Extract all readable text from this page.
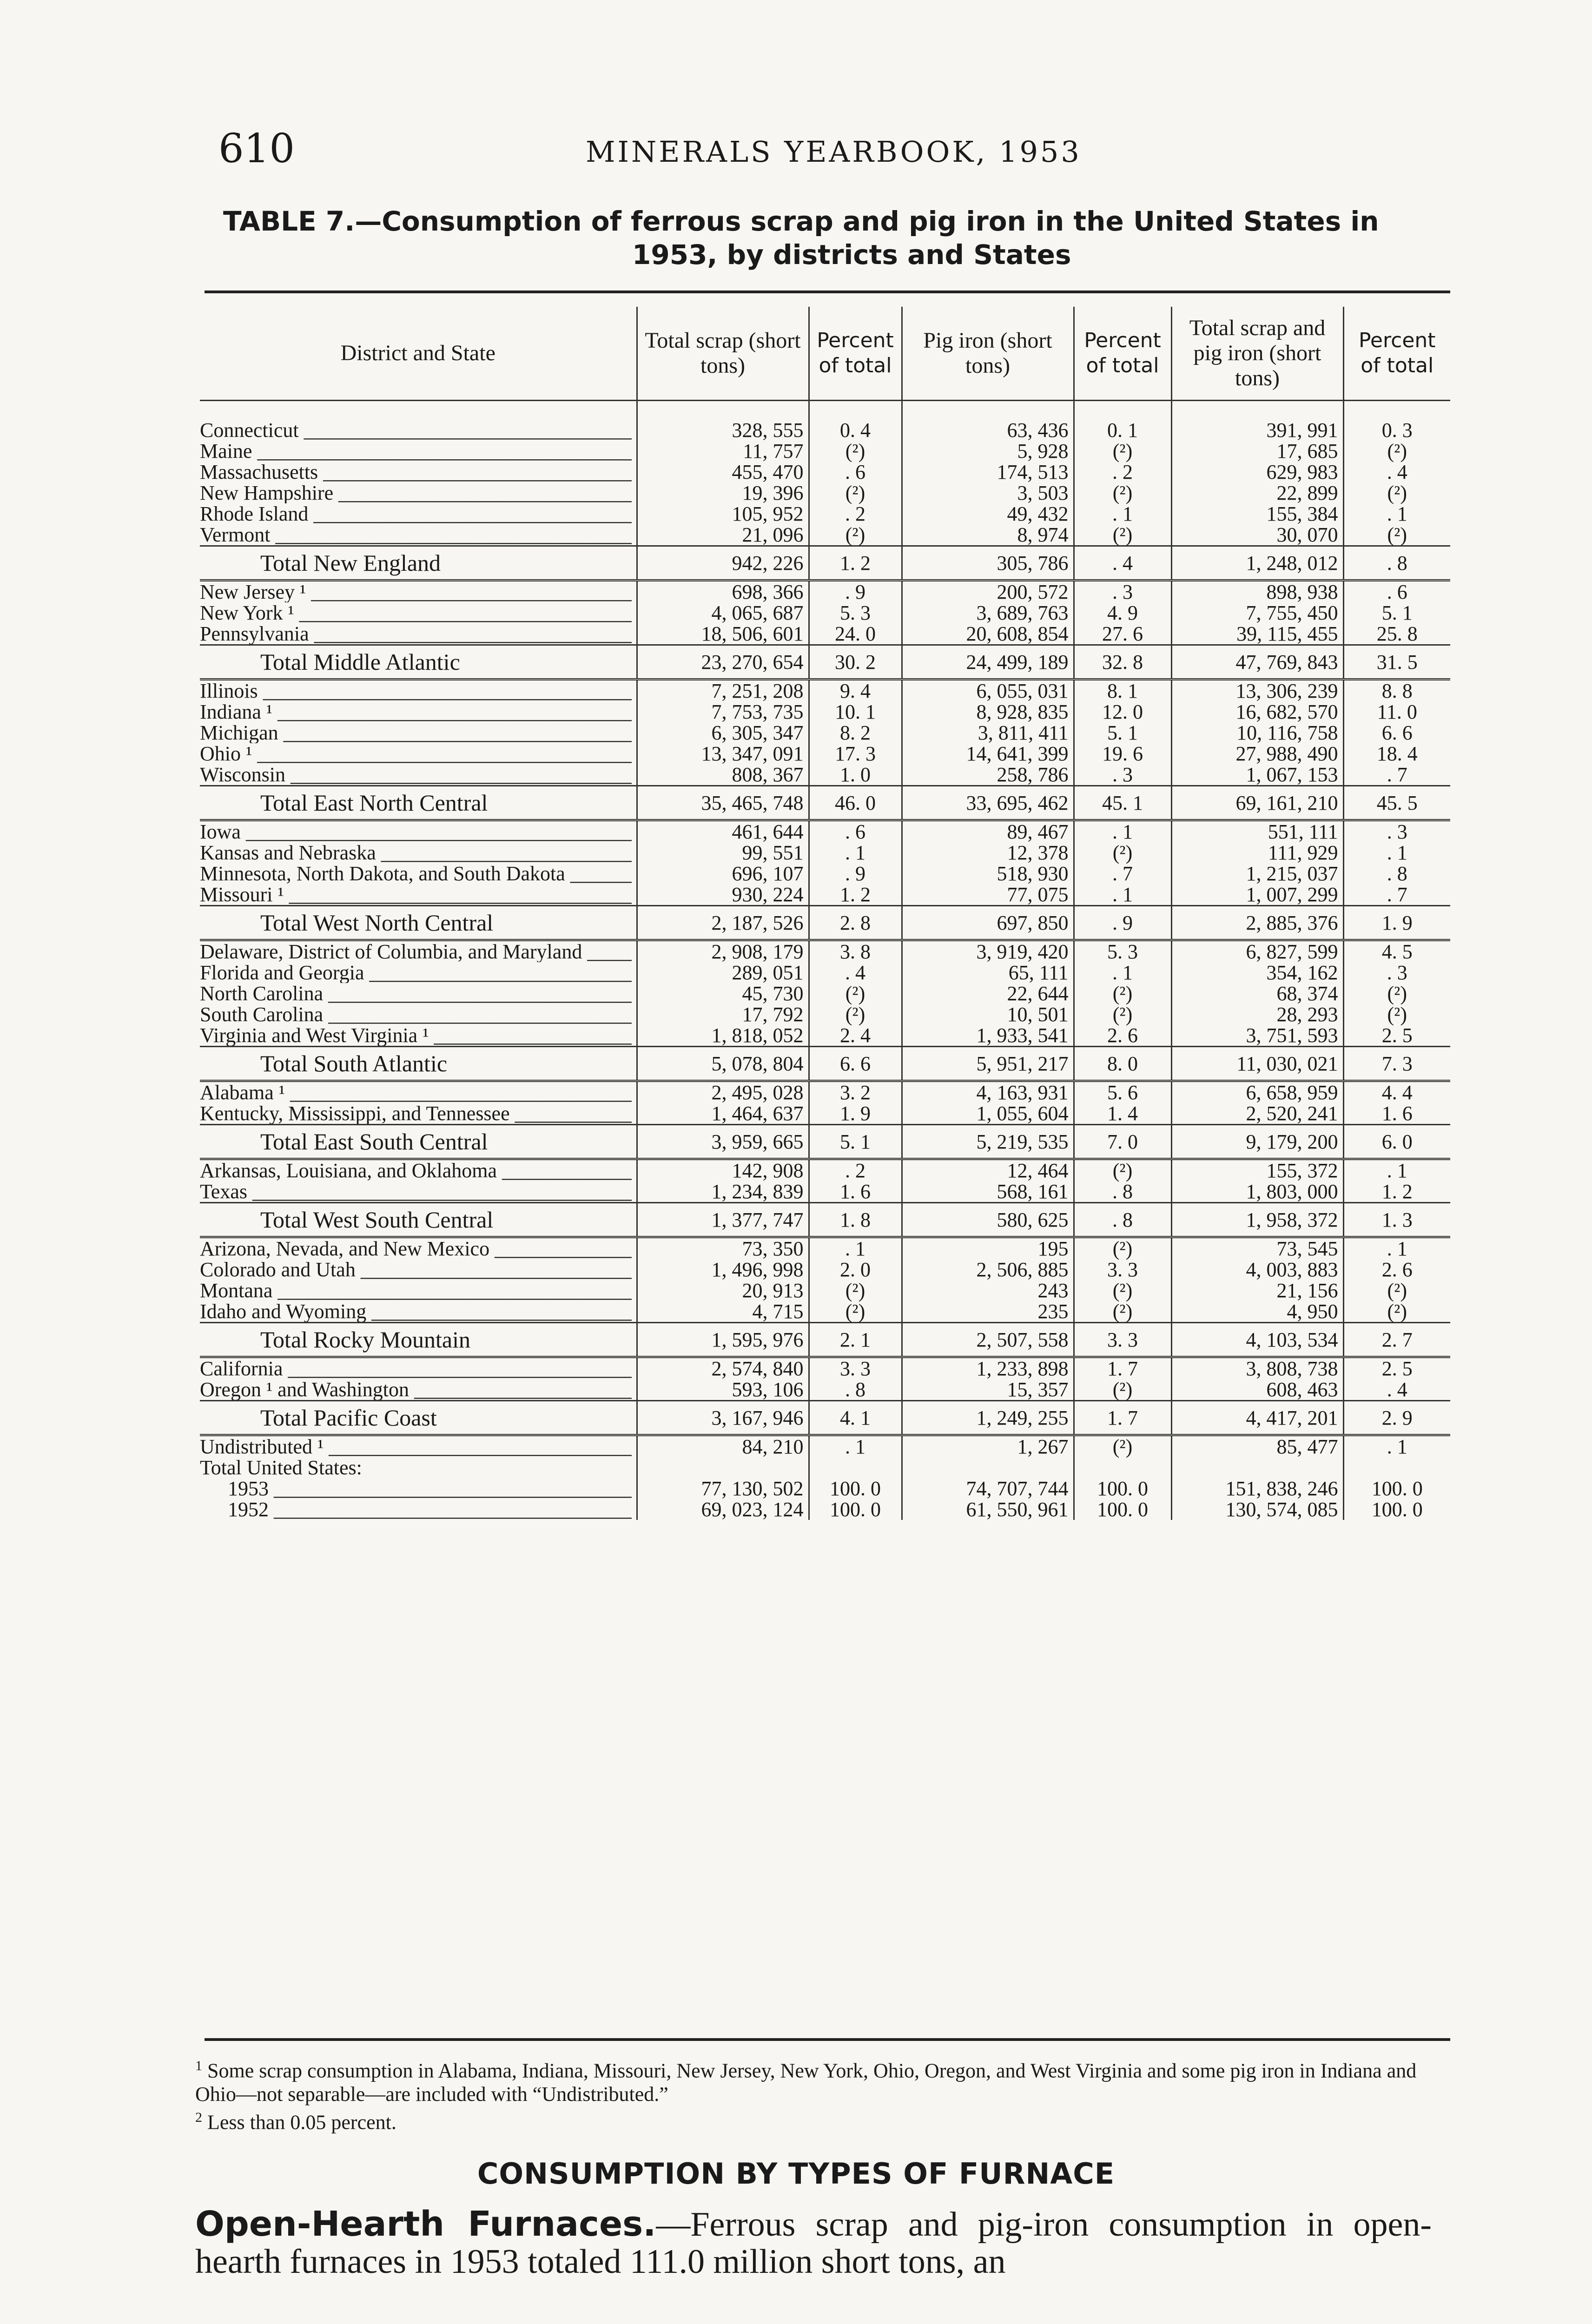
610	MINERALS YEARBOOK, 1953
TABLE 7.—Consumption of ferrous scrap and pig iron in the United States in
1953, by districts and States
District and State	Total scrap (short tons)	Percent of total	Pig iron (short tons)	Percent of total	Total scrap and pig iron (short tons)	Percent of total

Connecticut _____	328, 555	0. 4	63, 436	0. 1	391, 991	0. 3

Maine _____	11, 757	(²)	5, 928	(²)	17, 685	(²)

Massachusetts _____	455, 470	. 6	174, 513	. 2	629, 983	. 4

New Hampshire _____	19, 396	(²)	3, 503	(²)	22, 899	(²)

Rhode Island _____	105, 952	. 2	49, 432	. 1	155, 384	. 1

Vermont _____	21, 096	(²)	8, 974	(²)	30, 070	(²)
Total New England	942, 226	1. 2	305, 786	. 4	1, 248, 012	. 8

New Jersey ¹ _____	698, 366	. 9	200, 572	. 3	898, 938	. 6

New York ¹ _____	4, 065, 687	5. 3	3, 689, 763	4. 9	7, 755, 450	5. 1

Pennsylvania _____	18, 506, 601	24. 0	20, 608, 854	27. 6	39, 115, 455	25. 8
Total Middle Atlantic	23, 270, 654	30. 2	24, 499, 189	32. 8	47, 769, 843	31. 5

Illinois _____	7, 251, 208	9. 4	6, 055, 031	8. 1	13, 306, 239	8. 8

Indiana ¹ _____	7, 753, 735	10. 1	8, 928, 835	12. 0	16, 682, 570	11. 0

Michigan _____	6, 305, 347	8. 2	3, 811, 411	5. 1	10, 116, 758	6. 6

Ohio ¹ _____	13, 347, 091	17. 3	14, 641, 399	19. 6	27, 988, 490	18. 4

Wisconsin _____	808, 367	1. 0	258, 786	. 3	1, 067, 153	. 7
Total East North Central	35, 465, 748	46. 0	33, 695, 462	45. 1	69, 161, 210	45. 5

Iowa _____	461, 644	. 6	89, 467	. 1	551, 111	. 3

Kansas and Nebraska _____	99, 551	. 1	12, 378	(²)	111, 929	. 1

Minnesota, North Dakota, and South Dakota _____	696, 107	. 9	518, 930	. 7	1, 215, 037	. 8

Missouri ¹ _____	930, 224	1. 2	77, 075	. 1	1, 007, 299	. 7
Total West North Central	2, 187, 526	2. 8	697, 850	. 9	2, 885, 376	1. 9

Delaware, District of Columbia, and Maryland _____	2, 908, 179	3. 8	3, 919, 420	5. 3	6, 827, 599	4. 5

Florida and Georgia _____	289, 051	. 4	65, 111	. 1	354, 162	. 3

North Carolina _____	45, 730	(²)	22, 644	(²)	68, 374	(²)

South Carolina _____	17, 792	(²)	10, 501	(²)	28, 293	(²)

Virginia and West Virginia ¹ _____	1, 818, 052	2. 4	1, 933, 541	2. 6	3, 751, 593	2. 5
Total South Atlantic	5, 078, 804	6. 6	5, 951, 217	8. 0	11, 030, 021	7. 3

Alabama ¹ _____	2, 495, 028	3. 2	4, 163, 931	5. 6	6, 658, 959	4. 4

Kentucky, Mississippi, and Tennessee _____	1, 464, 637	1. 9	1, 055, 604	1. 4	2, 520, 241	1. 6
Total East South Central	3, 959, 665	5. 1	5, 219, 535	7. 0	9, 179, 200	6. 0

Arkansas, Louisiana, and Oklahoma _____	142, 908	. 2	12, 464	(²)	155, 372	. 1

Texas _____	1, 234, 839	1. 6	568, 161	. 8	1, 803, 000	1. 2
Total West South Central	1, 377, 747	1. 8	580, 625	. 8	1, 958, 372	1. 3

Arizona, Nevada, and New Mexico _____	73, 350	. 1	195	(²)	73, 545	. 1

Colorado and Utah _____	1, 496, 998	2. 0	2, 506, 885	3. 3	4, 003, 883	2. 6

Montana _____	20, 913	(²)	243	(²)	21, 156	(²)

Idaho and Wyoming _____	4, 715	(²)	235	(²)	4, 950	(²)
Total Rocky Mountain	1, 595, 976	2. 1	2, 507, 558	3. 3	4, 103, 534	2. 7

California _____	2, 574, 840	3. 3	1, 233, 898	1. 7	3, 808, 738	2. 5

Oregon ¹ and Washington _____	593, 106	. 8	15, 357	(²)	608, 463	. 4
Total Pacific Coast	3, 167, 946	4. 1	1, 249, 255	1. 7	4, 417, 201	2. 9

Undistributed ¹ _____	84, 210	. 1	1, 267	(²)	85, 477	. 1
Total United States:						

1953 _____	77, 130, 502	100. 0	74, 707, 744	100. 0	151, 838, 246	100. 0

1952 _____	69, 023, 124	100. 0	61, 550, 961	100. 0	130, 574, 085	100. 0
$^1$ Some scrap consumption in Alabama, Indiana, Missouri, New Jersey, New York, Ohio, Oregon, and West Virginia and some pig iron in Indiana and Ohio—not separable—are included with “Undistributed.”
$^2$ Less than 0.05 percent.
CONSUMPTION BY TYPES OF FURNACE
Open-Hearth Furnaces.—Ferrous scrap and pig-iron consumption in open-hearth furnaces in 1953 totaled 111.0 million short tons, an
